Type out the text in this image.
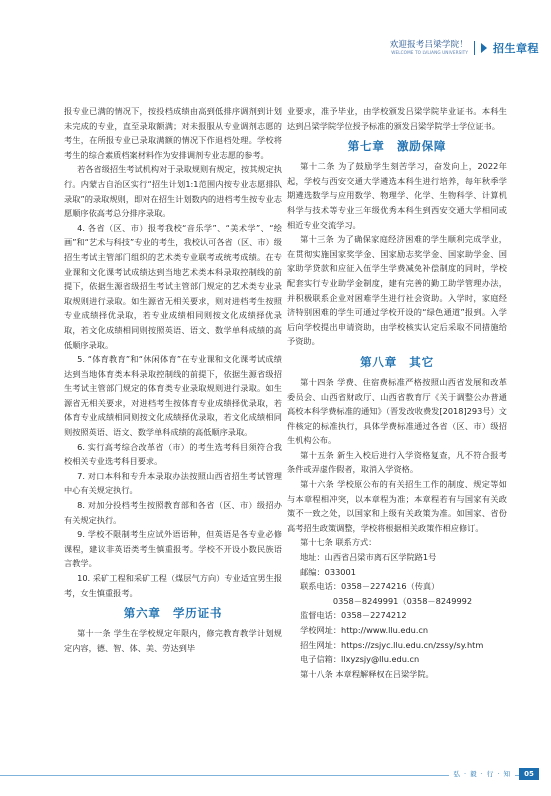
欢迎报考吕梁学院！
WELCOME TO LVLIANG UNIVERSITY 招生章程

报专业已满的情况下，按投档成绩由高到低排序调剂到计划未完成的专业，直至录取额满；对未报服从专业调剂志愿的考生，在所报专业已录取满额的情况下作退档处理。学校将考生的综合素质档案材料作为安排调剂专业志愿的参考。

若各省级招生考试机构对于录取规则有规定，按其规定执行。内蒙古自治区实行“招生计划1:1范围内按专业志愿排队录取”的录取规则，即对在招生计划数内的进档考生按专业志愿顺序依高考总分排序录取。

4. 各省（区、市）报考我校“音乐学”、“美术学”、“绘画”和“艺术与科技”专业的考生，我校认可各省（区、市）级招生考试主管部门组织的艺术类专业联考或统考成绩。在专业课和文化课考试成绩达到当地艺术类本科录取控制线的前提下，依据生源省级招生考试主管部门规定的艺术类专业录取规则进行录取。如生源省无相关要求，则对进档考生按照专业成绩择优录取，若专业成绩相同则按文化成绩择优录取，若文化成绩相同则按照英语、语文、数学单科成绩的高低顺序录取。

5. “体育教育”和“休闲体育”在专业课和文化课考试成绩达到当地体育类本科录取控制线的前提下，依据生源省级招生考试主管部门规定的体育类专业录取规则进行录取。如生源省无相关要求，对进档考生按体育专业成绩择优录取，若体育专业成绩相同则按文化成绩择优录取，若文化成绩相同则按照英语、语文、数学单科成绩的高低顺序录取。

6. 实行高考综合改革省（市）的考生选考科目须符合我校相关专业选考科目要求。

7. 对口本科和专升本录取办法按照山西省招生考试管理中心有关规定执行。

8. 对加分投档考生按照教育部和各省（区、市）级招办有关规定执行。

9. 学校不限制考生应试外语语种，但英语是各专业必修课程，建议非英语类考生慎重报考。学校不开设小数民族语言教学。

10. 采矿工程和采矿工程（煤层气方向）专业适宜男生报考，女生慎重报考。

第六章　学历证书

第十一条 学生在学校规定年限内，修完教育教学计划规定内容，德、智、体、美、劳达到毕

业要求，准予毕业，由学校颁发吕梁学院毕业证书。本科生达到吕梁学院学位授予标准的颁发吕梁学院学士学位证书。

第七章　激励保障

第十二条 为了鼓励学生刻苦学习，奋发向上，2022年起，学校与西安交通大学遴选本科生进行培养，每年秋季学期遴选数学与应用数学、物理学、化学、生物科学、计算机科学与技术等专业三年级优秀本科生到西安交通大学相同或相近专业交流学习。

第十三条 为了确保家庭经济困难的学生顺利完成学业，在贯彻实施国家奖学金、国家励志奖学金、国家助学金、国家助学贷款和应征入伍学生学费减免补偿制度的同时，学校配套实行专业助学金制度，建有完善的勤工助学管理办法，并积极联系企业对困难学生进行社会资助。入学时，家庭经济特别困难的学生可通过学校开设的“绿色通道”报到。入学后向学校提出申请资助，由学校核实认定后采取不同措施给予资助。

第八章　其它

第十四条 学费、住宿费标准严格按照山西省发展和改革委员会、山西省财政厅、山西省教育厅《关于调整公办普通高校本科学费标准的通知》（晋发改收费发[2018]293号）文件核定的标准执行，具体学费标准通过各省（区、市）级招生机构公布。

第十五条 新生入校后进行入学资格复查，凡不符合报考条件或弄虚作假者，取消入学资格。

第十六条 学校原公布的有关招生工作的制度、规定等如与本章程相冲突，以本章程为准；本章程若有与国家有关政策不一致之处，以国家和上级有关政策为准。如国家、省份高考招生政策调整，学校将根据相关政策作相应修订。

第十七条 联系方式：

地址：山西省吕梁市离石区学院路1号

邮编：033001

联系电话：0358－2274216（传真）

0358－8249991（0358－8249992

监督电话：0358－2274212

学校网址：http://www.llu.edu.cn

招生网址：https://zsjyc.llu.edu.cn/zssy/sy.htm

电子信箱：llxyzsjy@llu.edu.cn

第十八条 本章程解释权在吕梁学院。

弘 · 毅 · 行 · 知	05
